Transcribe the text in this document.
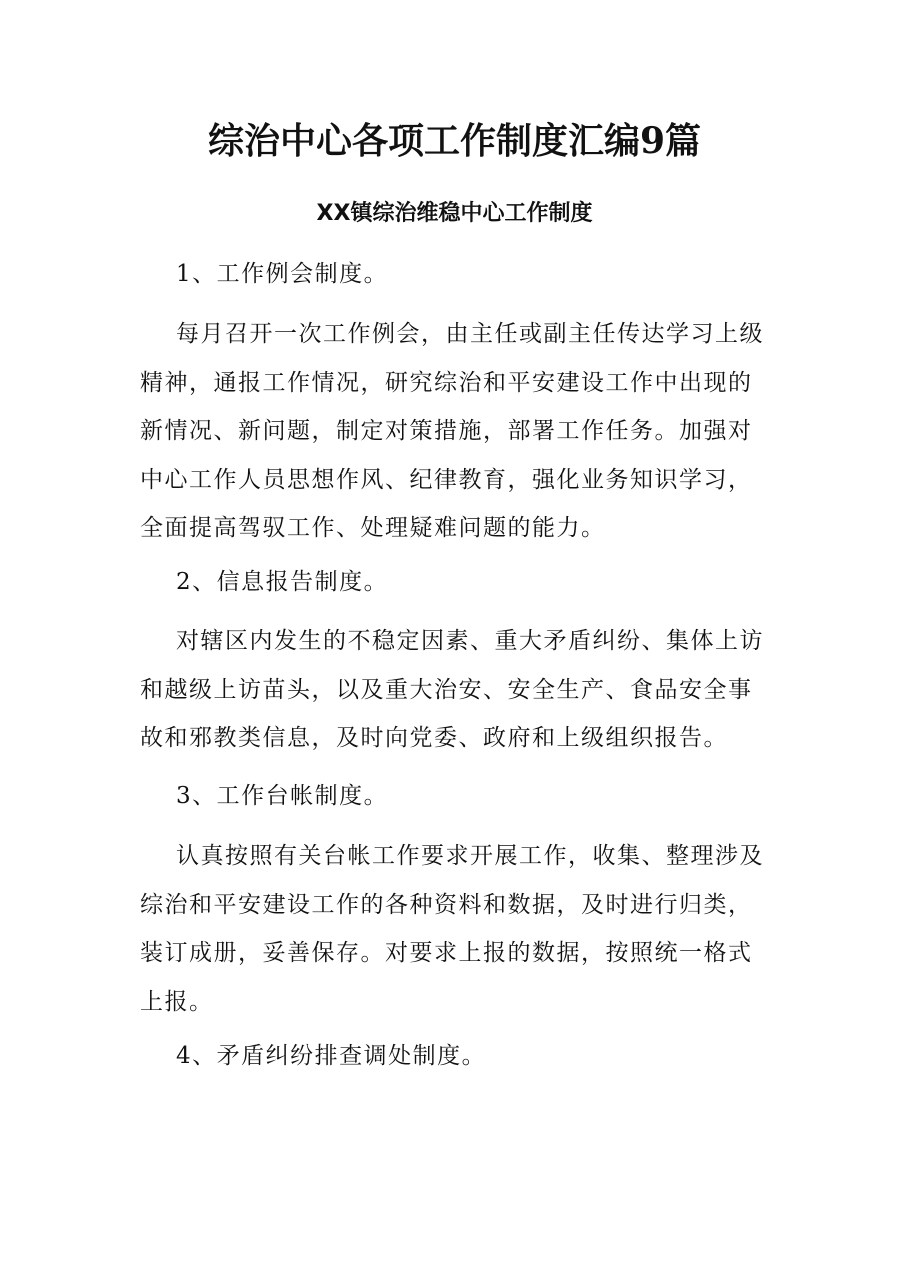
综治中心各项工作制度汇编9篇
XX镇综治维稳中心工作制度
1、工作例会制度。
每月召开一次工作例会，由主任或副主任传达学习上级
精神，通报工作情况，研究综治和平安建设工作中出现的
新情况、新问题，制定对策措施，部署工作任务。加强对
中心工作人员思想作风、纪律教育，强化业务知识学习，
全面提高驾驭工作、处理疑难问题的能力。
2、信息报告制度。
对辖区内发生的不稳定因素、重大矛盾纠纷、集体上访
和越级上访苗头，以及重大治安、安全生产、食品安全事
故和邪教类信息，及时向党委、政府和上级组织报告。
3、工作台帐制度。
认真按照有关台帐工作要求开展工作，收集、整理涉及
综治和平安建设工作的各种资料和数据，及时进行归类，
装订成册，妥善保存。对要求上报的数据，按照统一格式
上报。
4、矛盾纠纷排查调处制度。
